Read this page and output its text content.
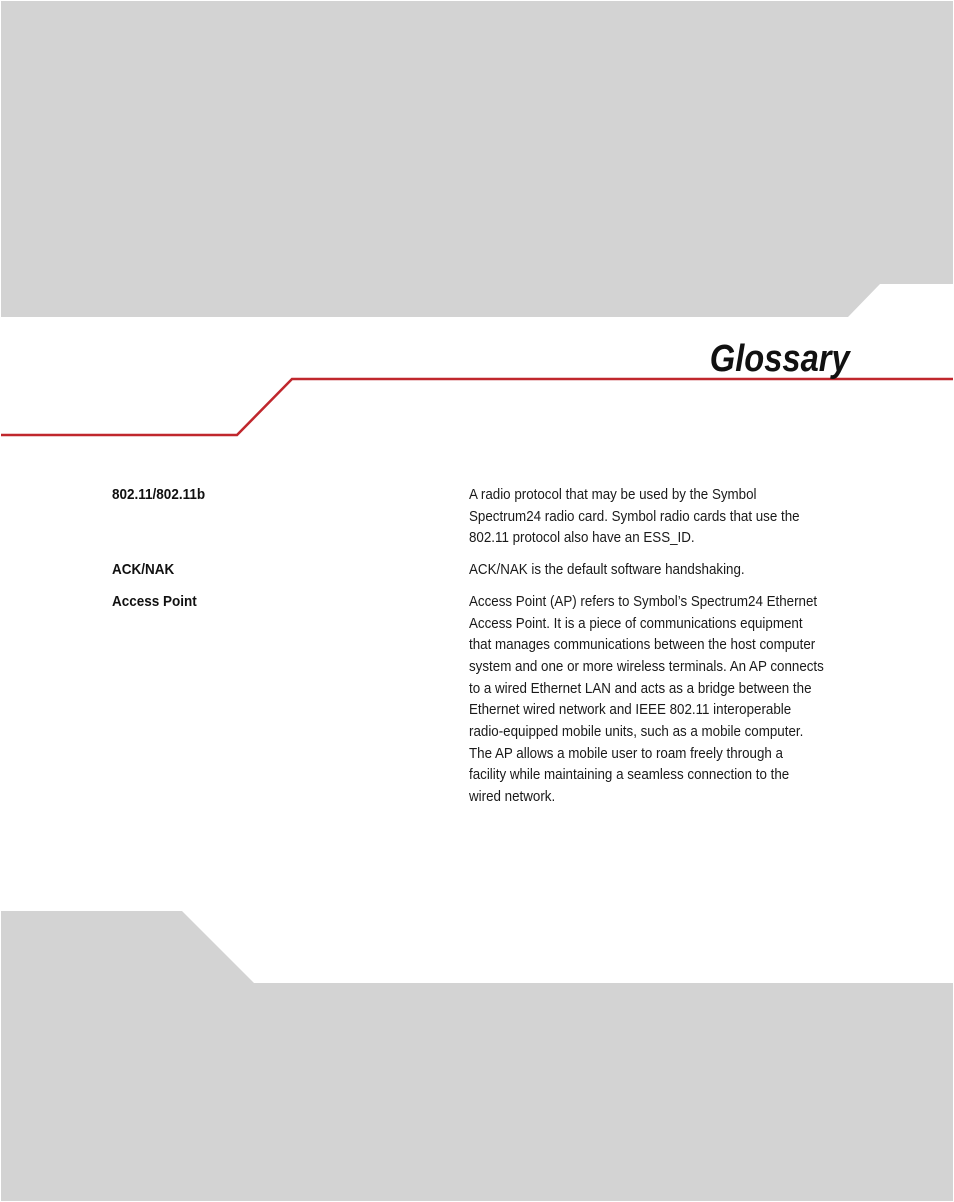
Glossary
802.11/802.11b	A radio protocol that may be used by the Symbol
Spectrum24 radio card. Symbol radio cards that use the
802.11 protocol also have an ESS_ID.
ACK/NAK	ACK/NAK is the default software handshaking.
Access Point	Access Point (AP) refers to Symbol’s Spectrum24 Ethernet
Access Point. It is a piece of communications equipment
that manages communications between the host computer
system and one or more wireless terminals. An AP connects
to a wired Ethernet LAN and acts as a bridge between the
Ethernet wired network and IEEE 802.11 interoperable
radio-equipped mobile units, such as a mobile computer.
The AP allows a mobile user to roam freely through a
facility while maintaining a seamless connection to the
wired network.
